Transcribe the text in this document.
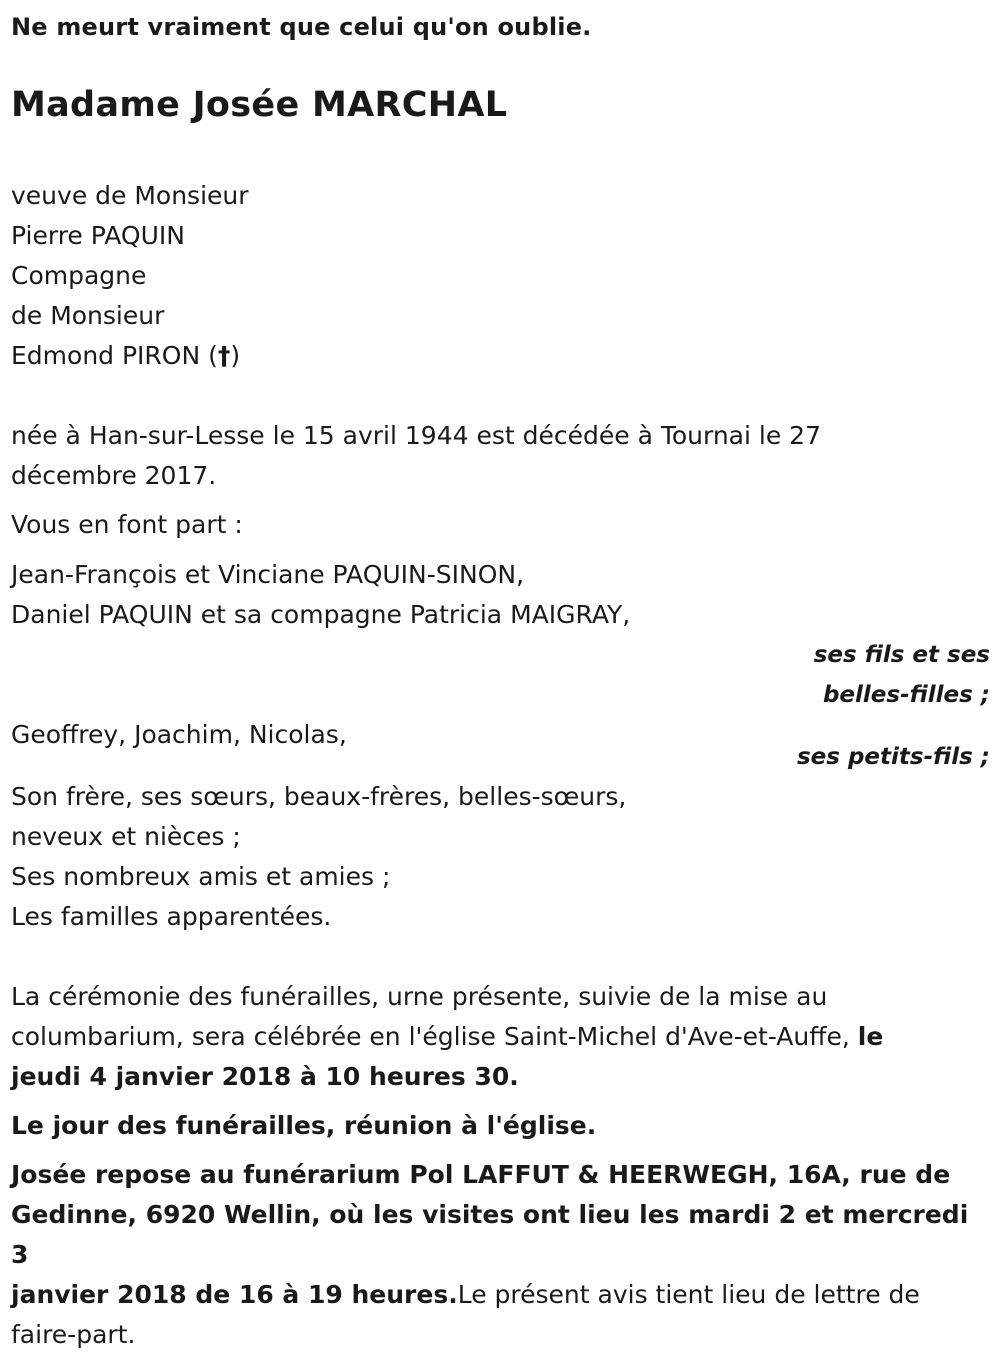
Ne meurt vraiment que celui qu'on oublie.
Madame Josée MARCHAL
veuve de Monsieur
Pierre PAQUIN
Compagne
de Monsieur
Edmond PIRON (†)
née à Han-sur-Lesse le 15 avril 1944 est décédée à Tournai le 27
décembre 2017.
Vous en font part :
Jean-François et Vinciane PAQUIN-SINON,
Daniel PAQUIN et sa compagne Patricia MAIGRAY,
ses fils et ses
belles-filles ;
Geoffrey, Joachim, Nicolas,
ses petits-fils ;
Son frère, ses sœurs, beaux-frères, belles-sœurs,
neveux et nièces ;
Ses nombreux amis et amies ;
Les familles apparentées.
La cérémonie des funérailles, urne présente, suivie de la mise au
columbarium, sera célébrée en l'église Saint-Michel d'Ave-et-Auffe, le
jeudi 4 janvier 2018 à 10 heures 30.
Le jour des funérailles, réunion à l'église.
Josée repose au funérarium Pol LAFFUT & HEERWEGH, 16A, rue de
Gedinne, 6920 Wellin, où les visites ont lieu les mardi 2 et mercredi 3
janvier 2018 de 16 à 19 heures.Le présent avis tient lieu de lettre de
faire-part.
